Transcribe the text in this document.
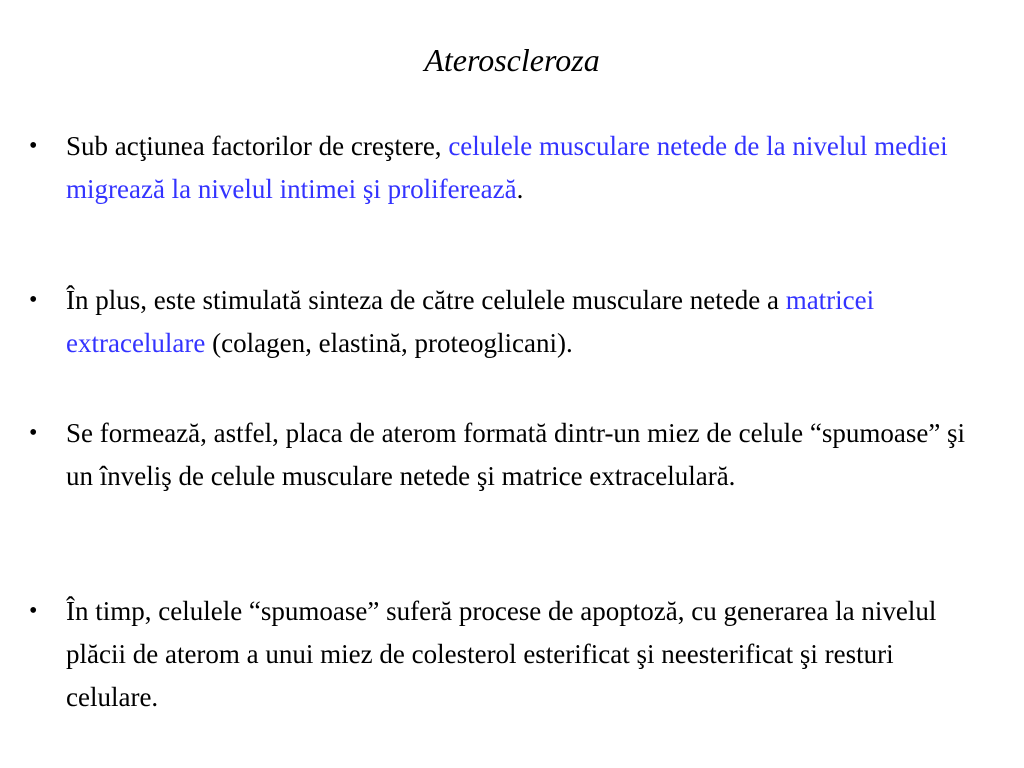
Ateroscleroza
•	Sub acţiunea factorilor de creştere, celulele musculare netede de la nivelul mediei migrează la nivelul intimei şi proliferează.
•	În plus, este stimulată sinteza de către celulele musculare netede a matricei extracelulare (colagen, elastină, proteoglicani).
•	Se formează, astfel, placa de aterom formată dintr-un miez de celule “spumoase” şi un înveliş de celule musculare netede şi matrice extracelulară.
•	În timp, celulele “spumoase” suferă procese de apoptoză, cu generarea la nivelul plăcii de aterom a unui miez de colesterol esterificat şi neesterificat şi resturi celulare.
